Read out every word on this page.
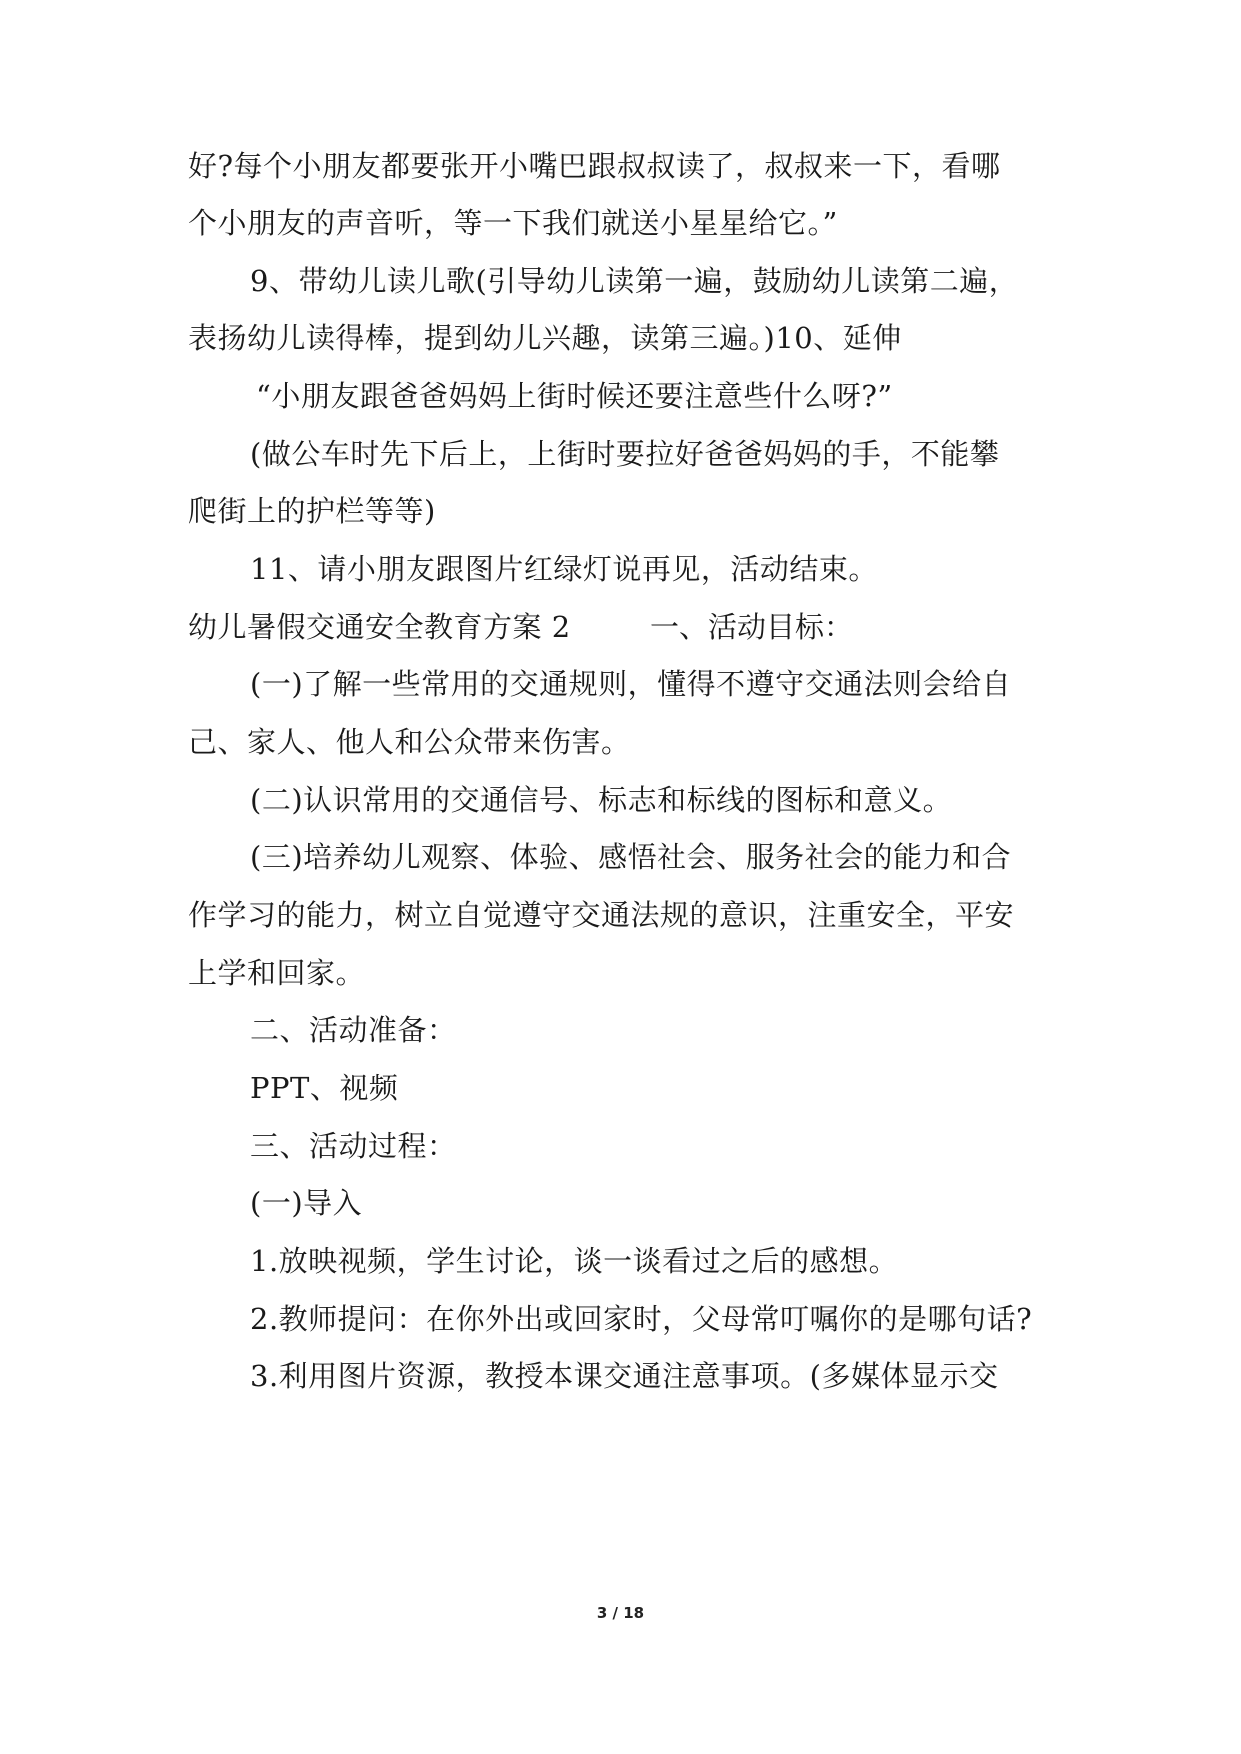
好?每个小朋友都要张开小嘴巴跟叔叔读了，叔叔来一下，看哪
个小朋友的声音听，等一下我们就送小星星给它。”
9、带幼儿读儿歌(引导幼儿读第一遍，鼓励幼儿读第二遍，
表扬幼儿读得棒，提到幼儿兴趣，读第三遍。)10、延伸
“小朋友跟爸爸妈妈上街时候还要注意些什么呀?”
(做公车时先下后上，上街时要拉好爸爸妈妈的手，不能攀
爬街上的护栏等等)
11、请小朋友跟图片红绿灯说再见，活动结束。
幼儿暑假交通安全教育方案 2	一、活动目标：
(一)了解一些常用的交通规则，懂得不遵守交通法则会给自
己、家人、他人和公众带来伤害。
(二)认识常用的交通信号、标志和标线的图标和意义。
(三)培养幼儿观察、体验、感悟社会、服务社会的能力和合
作学习的能力，树立自觉遵守交通法规的意识，注重安全，平安
上学和回家。
二、活动准备：
PPT、视频
三、活动过程：
(一)导入
1.放映视频，学生讨论，谈一谈看过之后的感想。
2.教师提问：在你外出或回家时，父母常叮嘱你的是哪句话?
3.利用图片资源，教授本课交通注意事项。(多媒体显示交
3 / 18
